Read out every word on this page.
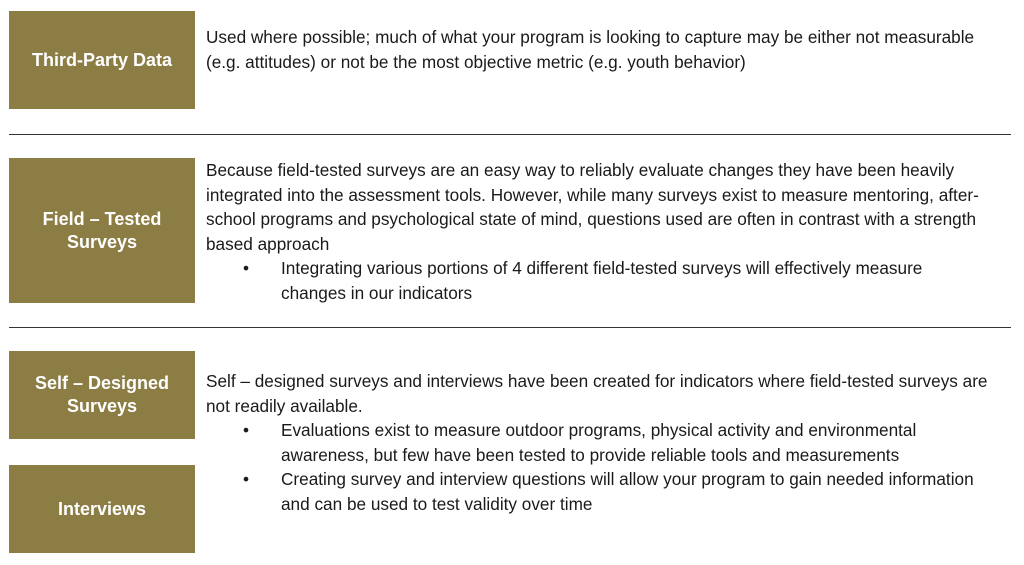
Third-Party Data

Used where possible; much of what your program is looking to capture may be either not measurable (e.g. attitudes) or not be the most objective metric (e.g. youth behavior)

Field – Tested Surveys

Because field-tested surveys are an easy way to reliably evaluate changes they have been heavily integrated into the assessment tools. However, while many surveys exist to measure mentoring, after-school programs and psychological state of mind, questions used are often in contrast with a strength based approach

• Integrating various portions of 4 different field-tested surveys will effectively measure changes in our indicators
Self – Designed Surveys
Interviews

Self – designed surveys and interviews have been created for indicators where field-tested surveys are not readily available.

• Evaluations exist to measure outdoor programs, physical activity and environmental awareness, but few have been tested to provide reliable tools and measurements
• Creating survey and interview questions will allow your program to gain needed information and can be used to test validity over time
